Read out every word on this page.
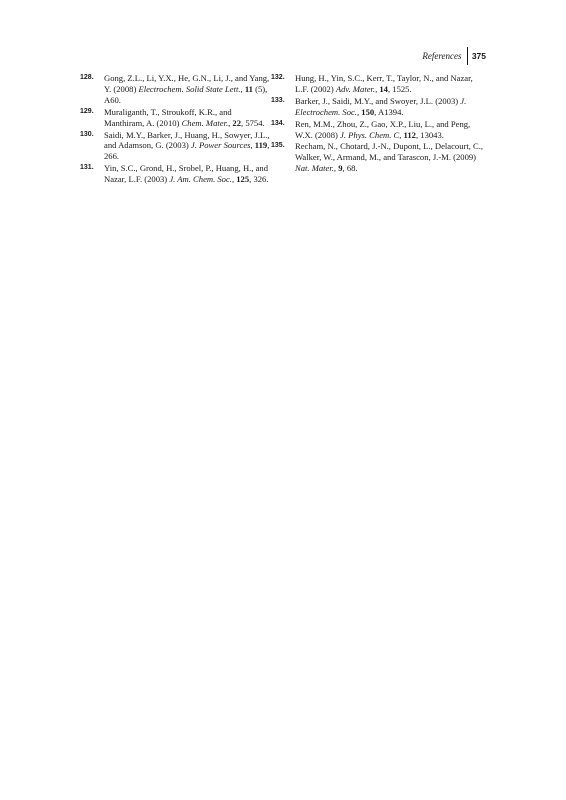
References	375
128 . Gong, Z.L., Li, Y.X., He, G.N., Li, J., and Yang, Y. (2008) Electrochem. Solid State Lett., 11 (5), A60.
129 . Muraliganth, T., Stroukoff, K.R., and Manthiram, A. (2010) Chem. Mater., 22, 5754.
130 . Saidi, M.Y., Barker, J., Huang, H., Sowyer, J.L., and Adamson, G. (2003) J. Power Sources, 119, 266.
131 . Yin, S.C., Grond, H., Srobel, P., Huang, H., and Nazar, L.F. (2003) J. Am. Chem. Soc., 125, 326.
132 . Hung, H., Yin, S.C., Kerr, T., Taylor, N., and Nazar, L.F. (2002) Adv. Mater., 14, 1525.
133 . Barker, J., Saidi, M.Y., and Swoyer, J.L. (2003) J. Electrochem. Soc., 150, A1394.
134 . Ren, M.M., Zhou, Z., Gao, X.P., Liu, L., and Peng, W.X. (2008) J. Phys. Chem. C, 112, 13043.
135 . Recham, N., Chotard, J.-N., Dupont, L., Delacourt, C., Walker, W., Armand, M., and Tarascon, J.-M. (2009) Nat. Mater., 9, 68.
